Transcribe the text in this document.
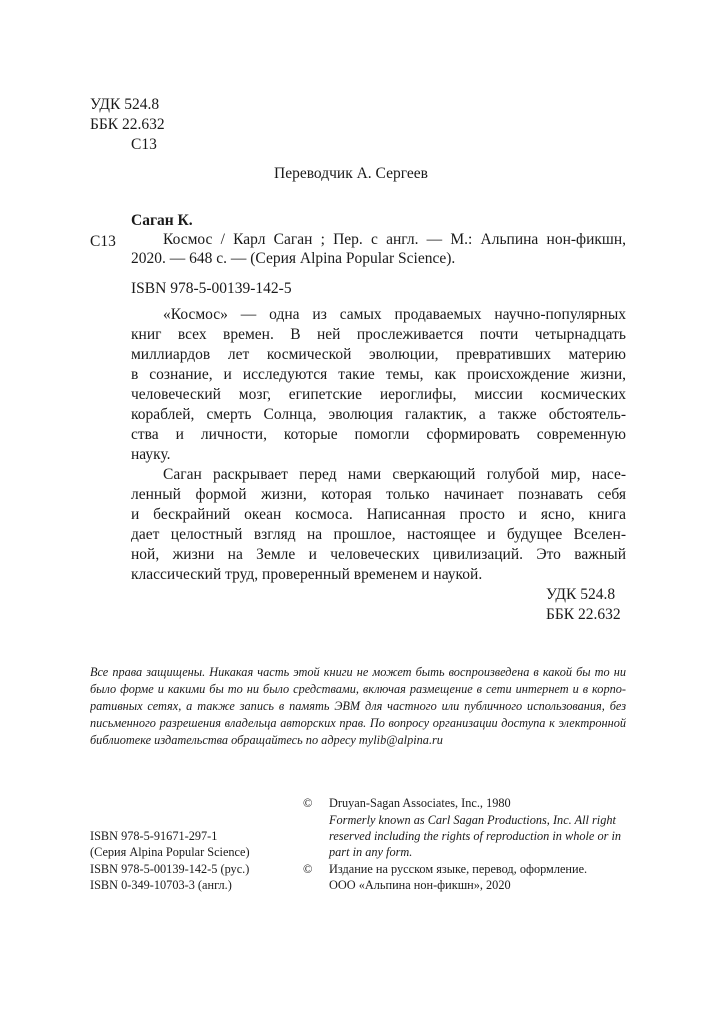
УДК 524.8
ББК 22.632
С13
Переводчик А. Сергеев
Саган К.
С13	Космос / Карл Саган ; Пер. с англ. — М.: Альпина нон-фикшн,
2020. — 648 с. — (Серия Alpina Popular Science).
ISBN 978-5-00139-142-5
«Космос» — одна из самых продаваемых научно-популярных
книг всех времен. В ней прослеживается почти четырнадцать
миллиардов лет космической эволюции, превративших материю
в сознание, и исследуются такие темы, как происхождение жизни,
человеческий мозг, египетские иероглифы, миссии космических
кораблей, смерть Солнца, эволюция галактик, а также обстоятель-
ства и личности, которые помогли сформировать современную
науку.
Саган раскрывает перед нами сверкающий голубой мир, насе-
ленный формой жизни, которая только начинает познавать себя
и бескрайний океан космоса. Написанная просто и ясно, книга
дает целостный взгляд на прошлое, настоящее и будущее Вселен-
ной, жизни на Земле и человеческих цивилизаций. Это важный
классический труд, проверенный временем и наукой.
УДК 524.8
ББК 22.632
Все права защищены. Никакая часть этой книги не может быть воспроизведена в какой бы то ни
было форме и какими бы то ни было средствами, включая размещение в сети интернет и в корпо-
ративных сетях, а также запись в память ЭВМ для частного или публичного использования, без
письменного разрешения владельца авторских прав. По вопросу организации доступа к электронной
библиотеке издательства обращайтесь по адресу mylib@alpina.ru
© Druyan-Sagan Associates, Inc., 1980
Formerly known as Carl Sagan Productions, Inc. All right
reserved including the rights of reproduction in whole or in
part in any form.
© Издание на русском языке, перевод, оформление.
ООО «Альпина нон-фикшн», 2020
ISBN 978-5-91671-297-1
(Серия Alpina Popular Science)
ISBN 978-5-00139-142-5 (рус.)
ISBN 0-349-10703-3 (англ.)
